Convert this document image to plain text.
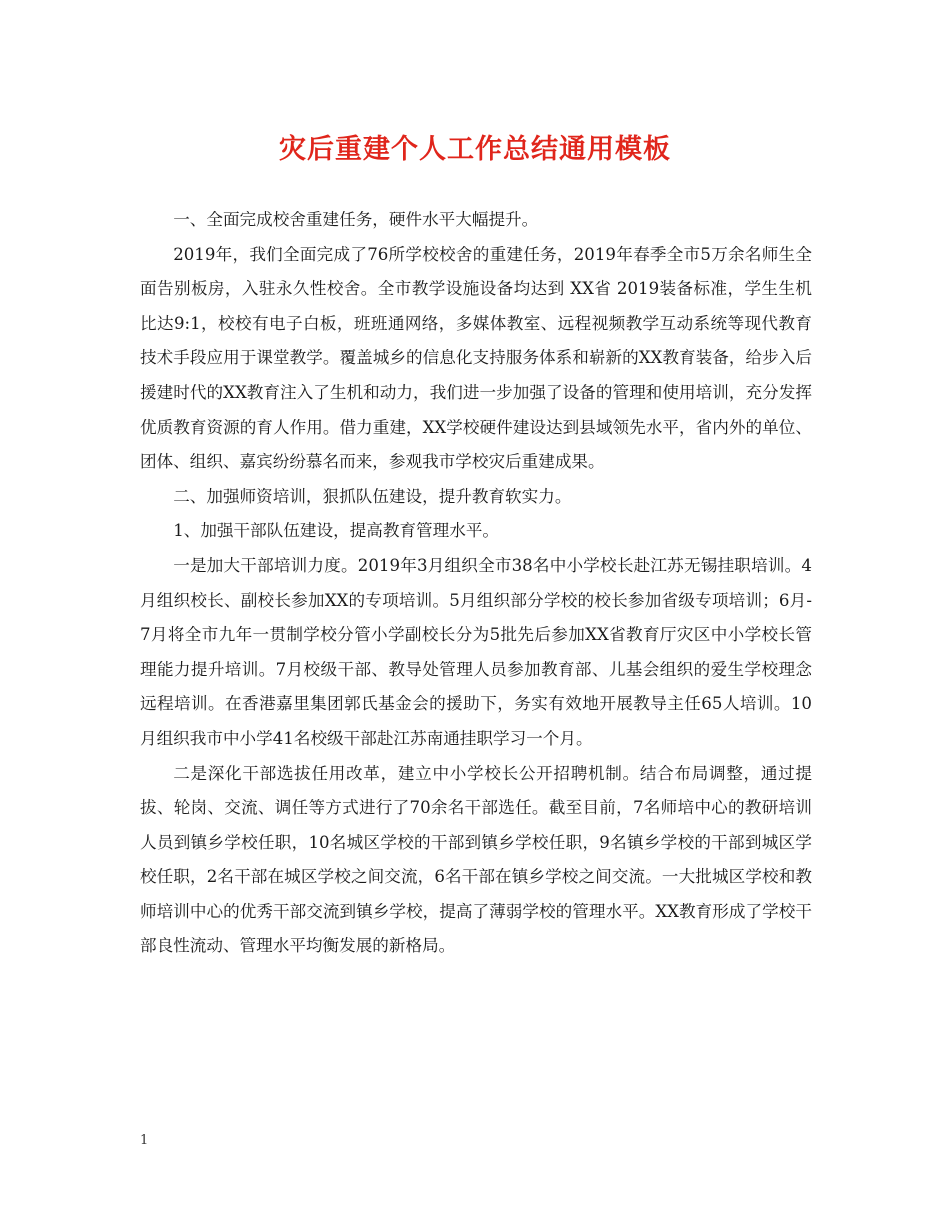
灾后重建个人工作总结通用模板

一、全面完成校舍重建任务，硬件水平大幅提升。

2019年，我们全面完成了76所学校校舍的重建任务，2019年春季全市5万余名师生全面告别板房，入驻永久性校舍。全市教学设施设备均达到 XX省 2019装备标准，学生生机比达9:1，校校有电子白板，班班通网络，多媒体教室、远程视频教学互动系统等现代教育技术手段应用于课堂教学。覆盖城乡的信息化支持服务体系和崭新的XX教育装备，给步入后援建时代的XX教育注入了生机和动力，我们进一步加强了设备的管理和使用培训，充分发挥优质教育资源的育人作用。借力重建，XX学校硬件建设达到县域领先水平，省内外的单位、团体、组织、嘉宾纷纷慕名而来，参观我市学校灾后重建成果。

二、加强师资培训，狠抓队伍建设，提升教育软实力。

1、加强干部队伍建设，提高教育管理水平。

一是加大干部培训力度。2019年3月组织全市38名中小学校长赴江苏无锡挂职培训。4月组织校长、副校长参加XX的专项培训。5月组织部分学校的校长参加省级专项培训；6月-7月将全市九年一贯制学校分管小学副校长分为5批先后参加XX省教育厅灾区中小学校长管理能力提升培训。7月校级干部、教导处管理人员参加教育部、儿基会组织的爱生学校理念远程培训。在香港嘉里集团郭氏基金会的援助下，务实有效地开展教导主任65人培训。10月组织我市中小学41名校级干部赴江苏南通挂职学习一个月。

二是深化干部选拔任用改革，建立中小学校长公开招聘机制。结合布局调整，通过提拔、轮岗、交流、调任等方式进行了70余名干部选任。截至目前，7名师培中心的教研培训人员到镇乡学校任职，10名城区学校的干部到镇乡学校任职，9名镇乡学校的干部到城区学校任职，2名干部在城区学校之间交流，6名干部在镇乡学校之间交流。一大批城区学校和教师培训中心的优秀干部交流到镇乡学校，提高了薄弱学校的管理水平。XX教育形成了学校干部良性流动、管理水平均衡发展的新格局。

1
